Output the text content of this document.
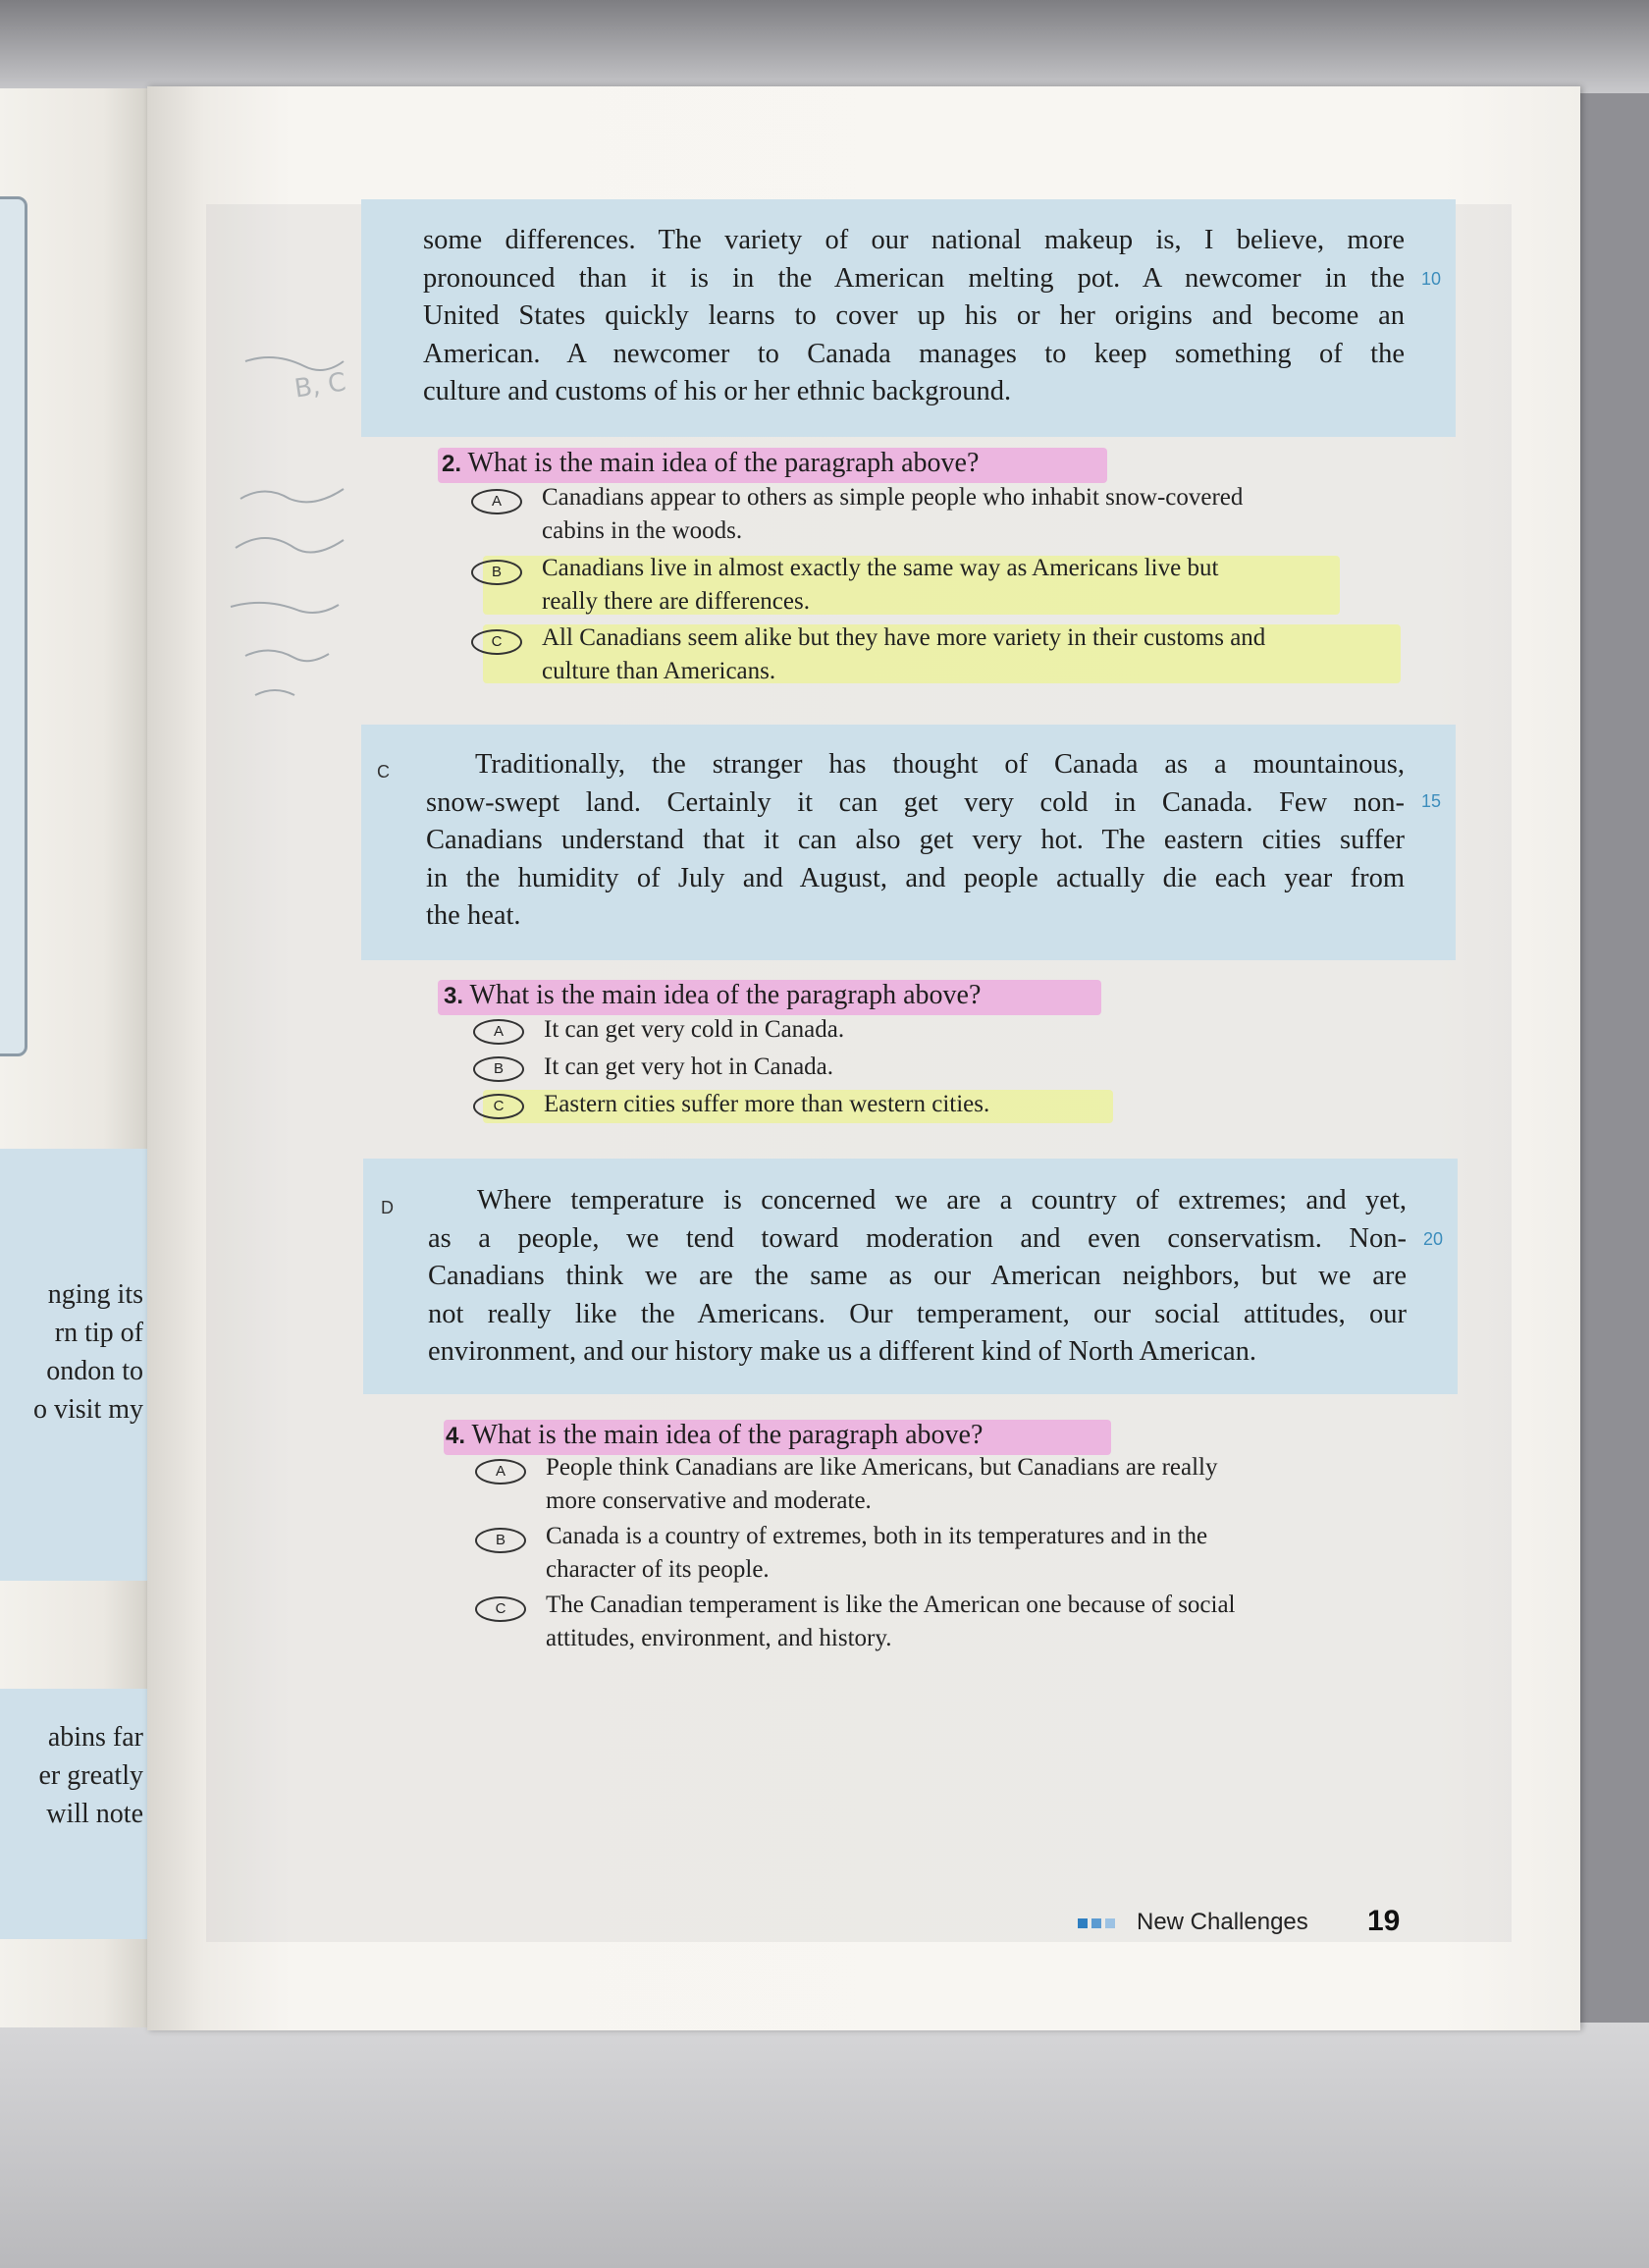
nging its
rn tip of
ondon to
o visit my
abins far
er greatly
will note
some differences. The variety of our national makeup is, I believe, more
pronounced than it is in the American melting pot. A newcomer in the
United States quickly learns to cover up his or her origins and become an
American. A newcomer to Canada manages to keep something of the
culture and customs of his or her ethnic background.
10
B, C
2. What is the main idea of the paragraph above?
A	Canadians appear to others as simple people who inhabit snow-covered
cabins in the woods.
B	Canadians live in almost exactly the same way as Americans live but
really there are differences.
C	All Canadians seem alike but they have more variety in their customs and
culture than Americans.
C	Traditionally, the stranger has thought of Canada as a mountainous,
snow-swept land. Certainly it can get very cold in Canada. Few non-
Canadians understand that it can also get very hot. The eastern cities suffer
in the humidity of July and August, and people actually die each year from
the heat.
15
3. What is the main idea of the paragraph above?
A	It can get very cold in Canada.
B	It can get very hot in Canada.
C	Eastern cities suffer more than western cities.
D	Where temperature is concerned we are a country of extremes; and yet,
as a people, we tend toward moderation and even conservatism. Non-
Canadians think we are the same as our American neighbors, but we are
not really like the Americans. Our temperament, our social attitudes, our
environment, and our history make us a different kind of North American.
20
4. What is the main idea of the paragraph above?
A	People think Canadians are like Americans, but Canadians are really
more conservative and moderate.
B	Canada is a country of extremes, both in its temperatures and in the
character of its people.
C	The Canadian temperament is like the American one because of social
attitudes, environment, and history.
New Challenges 19
